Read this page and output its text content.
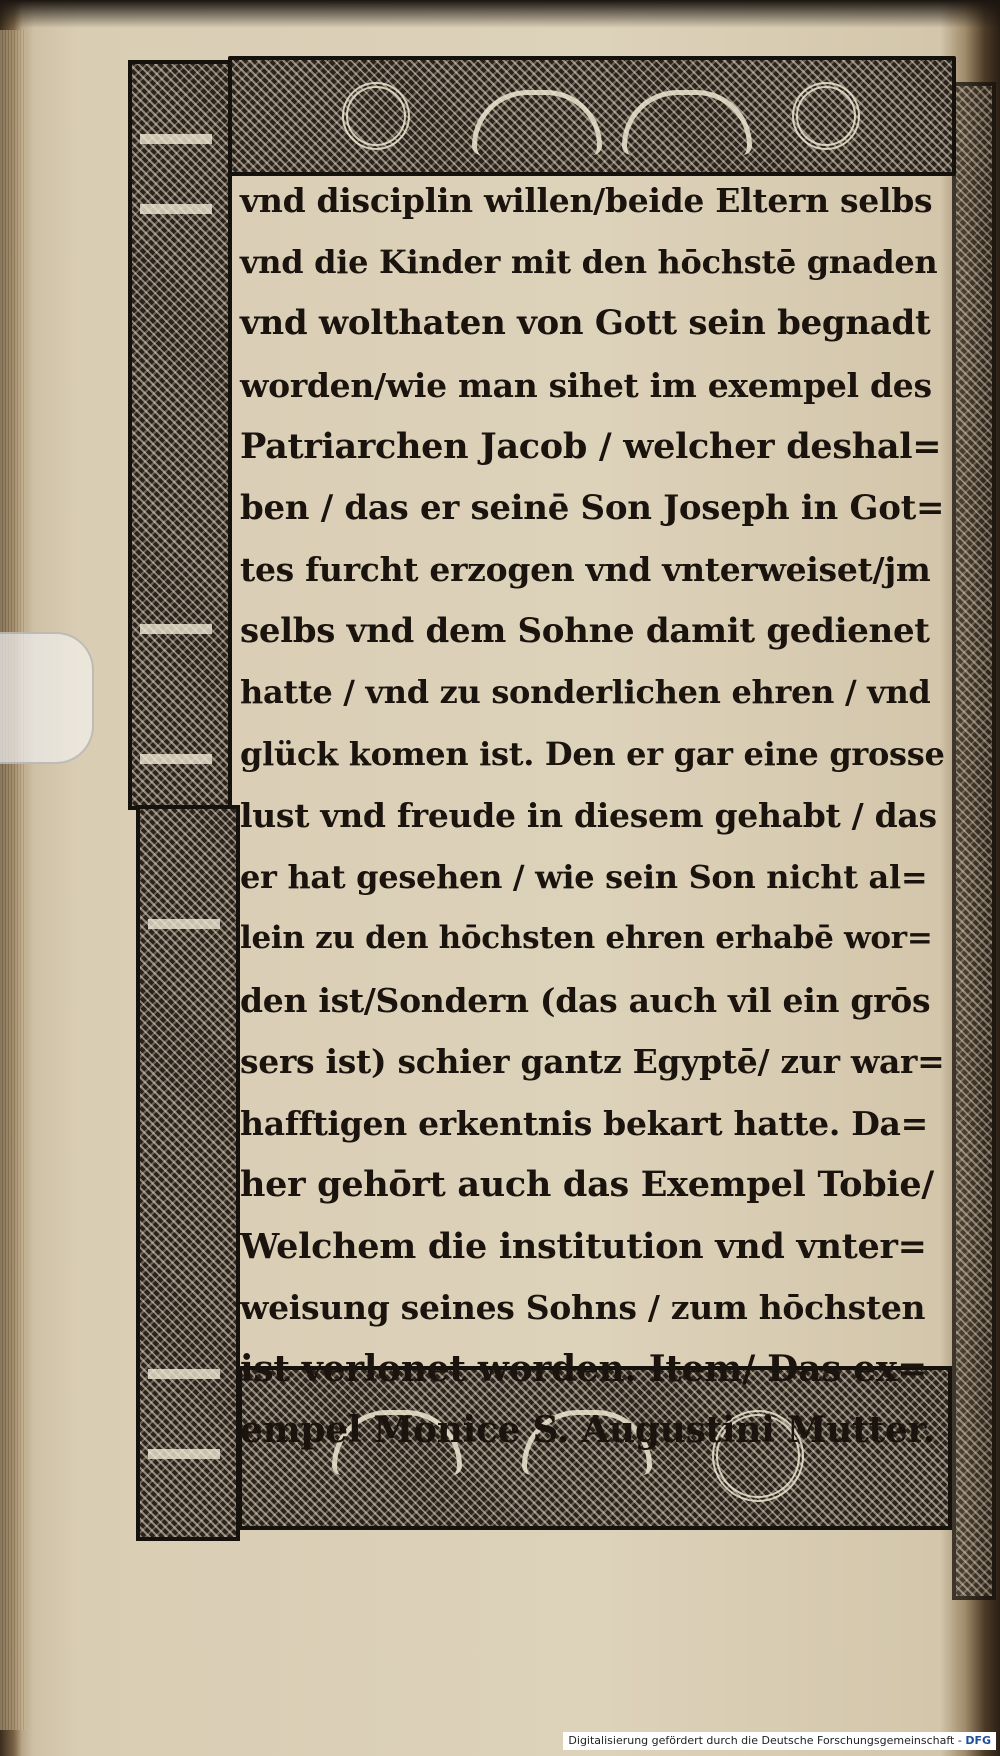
vnd disciplin willen/beide Eltern selbs
vnd die Kinder mit den hōchstē gnaden
vnd wolthaten von Gott sein begnadt
worden/wie man sihet im exempel des
Patriarchen Jacob / welcher deshal=
ben / das er seinē Son Joseph in Got=
tes furcht erzogen vnd vnterweiset/jm
selbs vnd dem Sohne damit gedienet
hatte / vnd zu sonderlichen ehren / vnd
glück komen ist. Den er gar eine grosse
lust vnd freude in diesem gehabt / das
er hat gesehen / wie sein Son nicht al=
lein zu den hōchsten ehren erhabē wor=
den ist/Sondern (das auch vil ein grōs
sers ist) schier gantz Egyptē/ zur war=
hafftigen erkentnis bekart hatte. Da=
her gehōrt auch das Exempel Tobie/
Welchem die institution vnd vnter=
weisung seines Sohns / zum hōchsten
ist verlonet worden. Item/ Das ex=
empel Monice S. Augustini Mutter.
Digitalisierung gefördert durch die Deutsche Forschungsgemeinschaft - DFG
